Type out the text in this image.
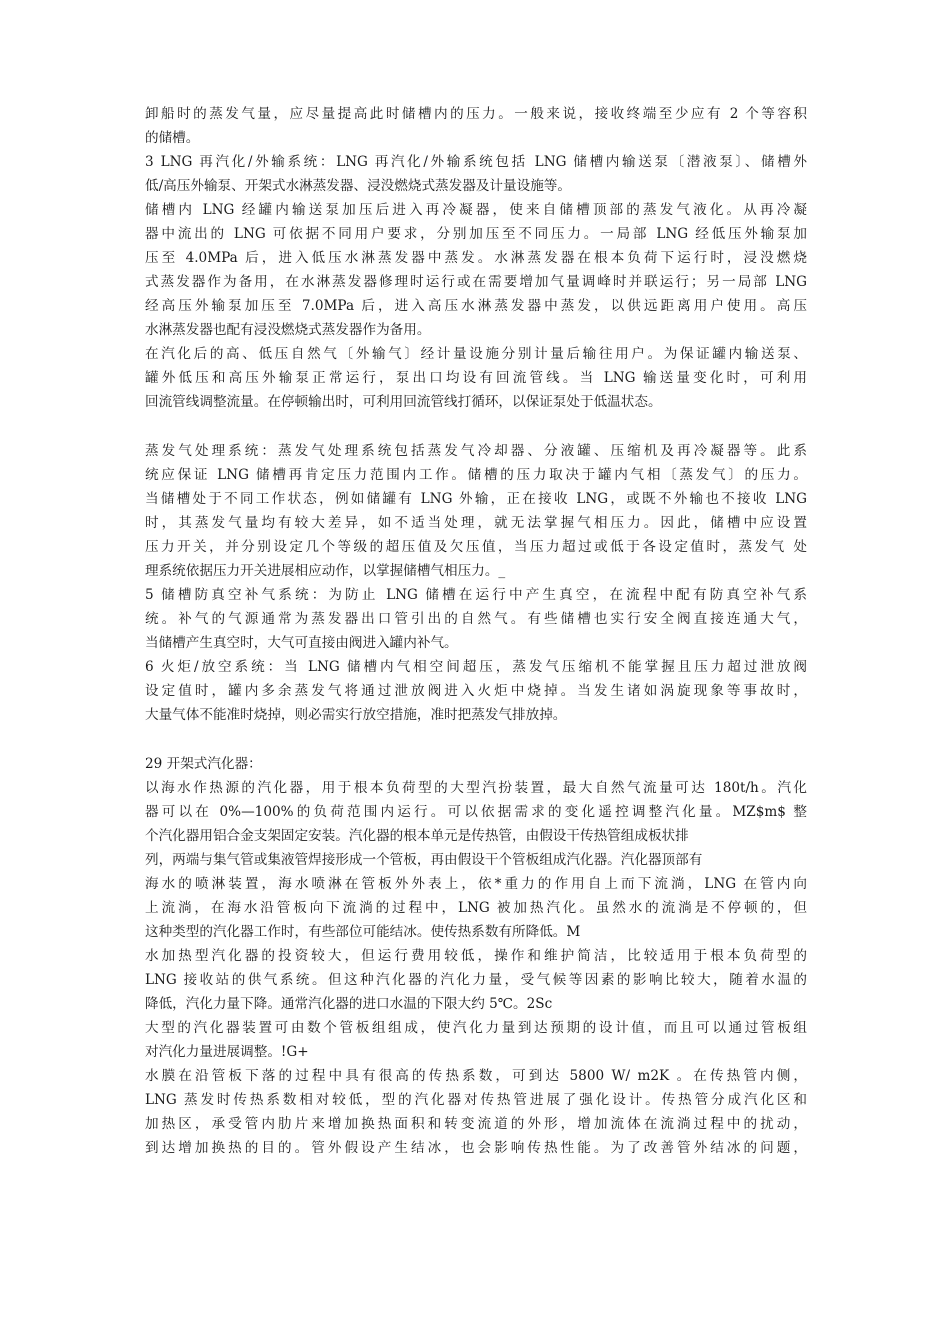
卸船时的蒸发气量，应尽量提高此时储槽内的压力。一般来说，接收终端至少应有 2 个等容积
的储槽。
3 LNG 再汽化/外输系统：LNG 再汽化/外输系统包括 LNG 储槽内输送泵〔潜液泵〕、储槽外
低/高压外输泵、开架式水淋蒸发器、浸没燃烧式蒸发器及计量设施等。
储槽内 LNG 经罐内输送泵加压后进入再冷凝器，使来自储槽顶部的蒸发气液化。从再冷凝
器中流出的 LNG 可依据不同用户要求，分别加压至不同压力。一局部 LNG 经低压外输泵加
压至 4.0MPa 后，进入低压水淋蒸发器中蒸发。水淋蒸发器在根本负荷下运行时，浸没燃烧
式蒸发器作为备用，在水淋蒸发器修理时运行或在需要增加气量调峰时并联运行；另一局部 LNG
经高压外输泵加压至 7.0MPa 后，进入高压水淋蒸发器中蒸发，以供远距离用户使用。高压
水淋蒸发器也配有浸没燃烧式蒸发器作为备用。
在汽化后的高、低压自然气〔外输气〕经计量设施分别计量后输往用户。为保证罐内输送泵、
罐外低压和高压外输泵正常运行，泵出口均设有回流管线。当 LNG 输送量变化时，可利用
回流管线调整流量。在停顿输出时，可利用回流管线打循环，以保证泵处于低温状态。
蒸发气处理系统：蒸发气处理系统包括蒸发气冷却器、分液罐、压缩机及再冷凝器等。此系
统应保证 LNG 储槽再肯定压力范围内工作。储槽的压力取决于罐内气相〔蒸发气〕的压力。
当储槽处于不同工作状态，例如储罐有 LNG 外输，正在接收 LNG，或既不外输也不接收 LNG
时，其蒸发气量均有较大差异，如不适当处理，就无法掌握气相压力。因此，储槽中应设置
压力开关，并分别设定几个等级的超压值及欠压值，当压力超过或低于各设定值时，蒸发气 处
理系统依据压力开关进展相应动作，以掌握储槽气相压力。_
5 储槽防真空补气系统：为防止 LNG 储槽在运行中产生真空，在流程中配有防真空补气系
统。补气的气源通常为蒸发器出口管引出的自然气。有些储槽也实行安全阀直接连通大气，
当储槽产生真空时，大气可直接由阀进入罐内补气。
6 火炬/放空系统：当 LNG 储槽内气相空间超压，蒸发气压缩机不能掌握且压力超过泄放阀
设定值时，罐内多余蒸发气将通过泄放阀进入火炬中烧掉。当发生诸如涡旋现象等事故时，
大量气体不能准时烧掉，则必需实行放空措施，准时把蒸发气排放掉。
29 开架式汽化器：
以海水作热源的汽化器，用于根本负荷型的大型汽扮装置，最大自然气流量可达 180t/h。汽化
器可以在 0%—100%的负荷范围内运行。可以依据需求的变化遥控调整汽化量。MZ$m$ 整
个汽化器用铝合金支架固定安装。汽化器的根本单元是传热管，由假设干传热管组成板状排
列，两端与集气管或集液管焊接形成一个管板，再由假设干个管板组成汽化器。汽化器顶部有
海水的喷淋装置，海水喷淋在管板外外表上，依*重力的作用自上而下流淌，LNG 在管内向
上流淌，在海水沿管板向下流淌的过程中，LNG 被加热汽化。虽然水的流淌是不停顿的，但
这种类型的汽化器工作时，有些部位可能结冰。使传热系数有所降低。M
水加热型汽化器的投资较大，但运行费用较低，操作和维护简洁，比较适用于根本负荷型的
LNG 接收站的供气系统。但这种汽化器的汽化力量，受气候等因素的影响比较大，随着水温的
降低，汽化力量下降。通常汽化器的进口水温的下限大约 5℃。2Sc
大型的汽化器装置可由数个管板组组成，使汽化力量到达预期的设计值，而且可以通过管板组
对汽化力量进展调整。!G+
水膜在沿管板下落的过程中具有很高的传热系数，可到达 5800 W/ m2K 。在传热管内侧，
LNG 蒸发时传热系数相对较低，型的汽化器对传热管进展了强化设计。传热管分成汽化区和
加热区，承受管内肋片来增加换热面积和转变流道的外形，增加流体在流淌过程中的扰动，
到达增加换热的目的。管外假设产生结冰，也会影响传热性能。为了改善管外结冰的问题，
